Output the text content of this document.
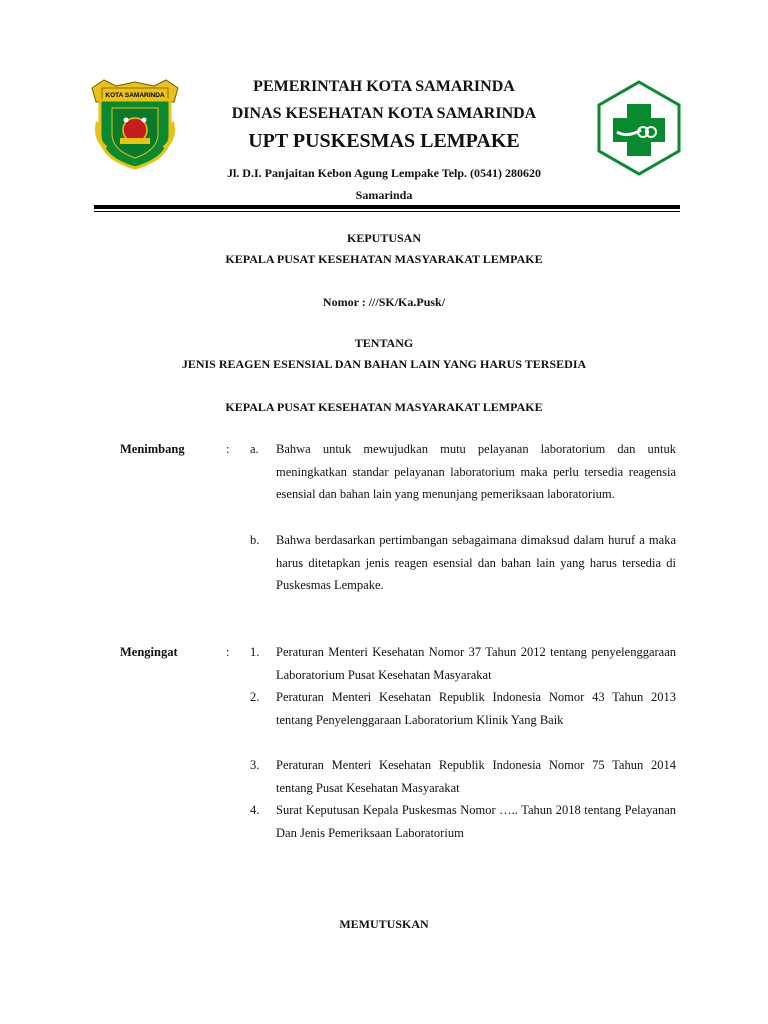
KOTA SAMARINDA
PEMERINTAH KOTA SAMARINDA
DINAS KESEHATAN KOTA SAMARINDA
UPT PUSKESMAS LEMPAKE
Jl. D.I. Panjaitan Kebon Agung Lempake Telp. (0541) 280620
Samarinda
KEPUTUSAN
KEPALA PUSAT KESEHATAN MASYARAKAT LEMPAKE
Nomor : ///SK/Ka.Pusk/
TENTANG
JENIS REAGEN ESENSIAL DAN BAHAN LAIN YANG HARUS TERSEDIA
KEPALA PUSAT KESEHATAN MASYARAKAT LEMPAKE
Menimbang	: a. Bahwa untuk mewujudkan mutu pelayanan laboratorium dan untuk meningkatkan standar pelayanan laboratorium maka perlu tersedia reagensia esensial dan bahan lain yang menunjang pemeriksaan laboratorium.
b. Bahwa berdasarkan pertimbangan sebagaimana dimaksud dalam huruf a maka harus ditetapkan jenis reagen esensial dan bahan lain yang harus tersedia di Puskesmas Lempake.
Mengingat	: 1. Peraturan Menteri Kesehatan Nomor 37 Tahun 2012 tentang penyelenggaraan Laboratorium Pusat Kesehatan Masyarakat
2. Peraturan Menteri Kesehatan Republik Indonesia Nomor 43 Tahun 2013 tentang Penyelenggaraan Laboratorium Klinik Yang Baik
3. Peraturan Menteri Kesehatan Republik Indonesia Nomor 75 Tahun 2014 tentang Pusat Kesehatan Masyarakat
4. Surat Keputusan Kepala Puskesmas Nomor ….. Tahun 2018 tentang Pelayanan Dan Jenis Pemeriksaan Laboratorium
MEMUTUSKAN
